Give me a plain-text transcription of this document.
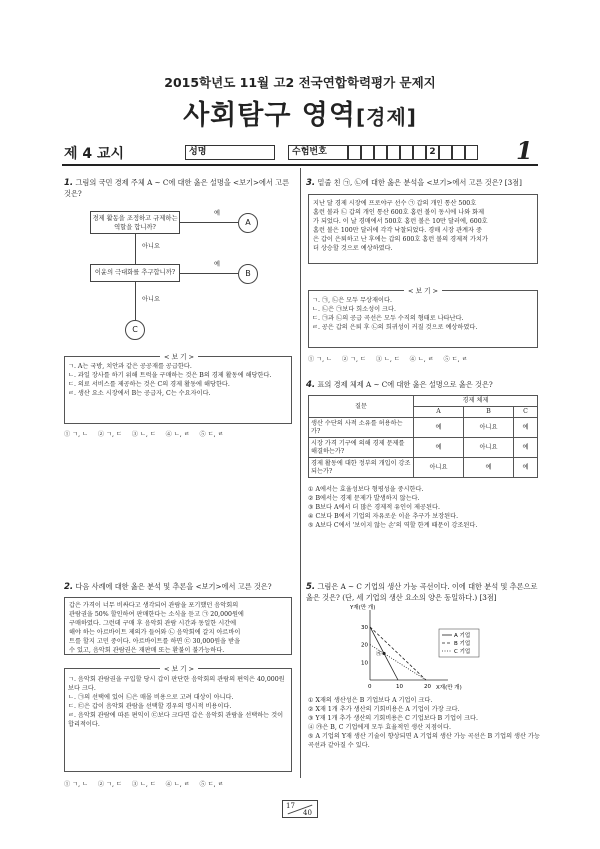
2015학년도 11월 고2 전국연합학력평가 문제지
사회탐구 영역[경제]
제 4 교시	성명	수험번호	2	1
1. 그림의 국민 경제 주체 A ~ C에 대한 옳은 설명을 <보기>에서 고른 것은?
경제 활동을 조정하고 규제하는 역할을 합니까?
예
A
아니요
이윤의 극대화를 추구합니까?
예
B
아니요
C
< 보 기 >
ㄱ. A는 국방, 치안과 같은 공공재를 공급한다.
ㄴ. 과일 장사를 하기 위해 트럭을 구매하는 것은 B의 경제 활동에 해당한다.
ㄷ. 의료 서비스를 제공하는 것은 C의 경제 활동에 해당한다.
ㄹ. 생산 요소 시장에서 B는 공급자, C는 수요자이다.
① ㄱ, ㄴ     ② ㄱ, ㄷ     ③ ㄴ, ㄷ     ④ ㄴ, ㄹ     ⑤ ㄷ, ㄹ
2. 다음 사례에 대한 옳은 분석 및 추론을 <보기>에서 고른 것은?
갑은 가격이 너무 비싸다고 생각되어 관람을 포기했던 음악회의
관람권을 50% 할인하여 판매한다는 소식을 듣고 ㉠ 20,000원에
구매하였다. 그런데 구매 후 음악회 관람 시간과 동일한 시간에
해야 하는 아르바이트 제의가 들어와 ㉡ 음악회에 갈지 아르바이
트를 할지 고민 중이다. 아르바이트를 하면 ㉢ 30,000원을 받을
수 있고, 음악회 관람권은 재판매 또는 환불이 불가능하다.
< 보 기 >
ㄱ. 음악회 관람권을 구입할 당시 갑이 판단한 음악회의 관람의 편익은 40,000원보다 크다.
ㄴ. ㉠의 선택에 있어 ㉡은 매몰 비용으로 고려 대상이 아니다.
ㄷ. ㉢은 갑이 음악회 관람을 선택할 경우의 명시적 비용이다.
ㄹ. 음악회 관람에 따른 편익이 ㉢보다 크다면 갑은 음악회 관람을 선택하는 것이 합리적이다.
① ㄱ, ㄴ     ② ㄱ, ㄷ     ③ ㄴ, ㄷ     ④ ㄴ, ㄹ     ⑤ ㄷ, ㄹ
3. 밑줄 친 ㉠, ㉡에 대한 옳은 분석을 <보기>에서 고른 것은? [3점]
지난 달 경제 시장에 프로야구 선수 ㉠ 갑의 개인 통산 500호
홈런 볼과 ㉡ 갑의 개인 통산 600호 홈런 볼이 동시에 나와 화제
가 되었다. 이 날 경매에서 500호 홈런 볼은 10만 달러에, 600호
홈런 볼은 100만 달러에 각각 낙찰되었다. 경매 시장 관계자 중
은 갑이 은퇴하고 난 후에는 갑의 600호 홈런 볼의 경제적 가치가
더 상승할 것으로 예상하였다.
< 보 기 >
ㄱ. ㉠, ㉡은 모두 무상재이다.
ㄴ. ㉡은 ㉠보다 희소성이 크다.
ㄷ. ㉠과 ㉡의 공급 곡선은 모두 수직의 형태로 나타난다.
ㄹ. 공은 갑의 은퇴 후 ㉡의 희귀성이 커질 것으로 예상하였다.
① ㄱ, ㄴ     ② ㄱ, ㄷ     ③ ㄴ, ㄷ     ④ ㄴ, ㄹ     ⑤ ㄷ, ㄹ
4. 표의 경제 체제 A ~ C에 대한 옳은 설명으로 옳은 것은?
질문	경제 체제		
	A	B	C
생산 수단의 사적 소유를 허용하는가?	예	아니요	예
시장 가격 기구에 의해 경제 문제를 해결하는가?	예	아니요	예
경제 활동에 대한 정부의 개입이 강조되는가?	아니요	예	예
① A에서는 효율성보다 형평성을 중시한다.
② B에서는 경제 문제가 발생하지 않는다.
③ B보다 A에서 더 많은 경제적 유인이 제공된다.
④ C보다 B에서 기업의 자유로운 이윤 추구가 보장된다.
⑤ A보다 C에서 '보이지 않는 손'의 역할 한계 때문이 강조된다.
5. 그림은 A ~ C 기업의 생산 가능 곡선이다. 이에 대한 분석 및 추론으로 옳은 것은? (단, 세 기업의 생산 요소의 양은 동일하다.) [3점]
Y재(만 개)
X재(만 개)
0	10	20
10
20
30
A 기업
B 기업
C 기업
㉮
① X재의 생산성은 B 기업보다 A 기업이 크다.
② X재 1개 추가 생산의 기회비용은 A 기업이 가장 크다.
③ Y재 1개 추가 생산의 기회비용은 C 기업보다 B 기업이 크다.
④ ㉮은 B, C 기업에게 모두 효율적인 생산 지점이다.
⑤ A 기업의 Y재 생산 기술이 향상되면 A 기업의 생산 가능 곡선은 B 기업의 생산 가능 곡선과 같아질 수 있다.
17
40
